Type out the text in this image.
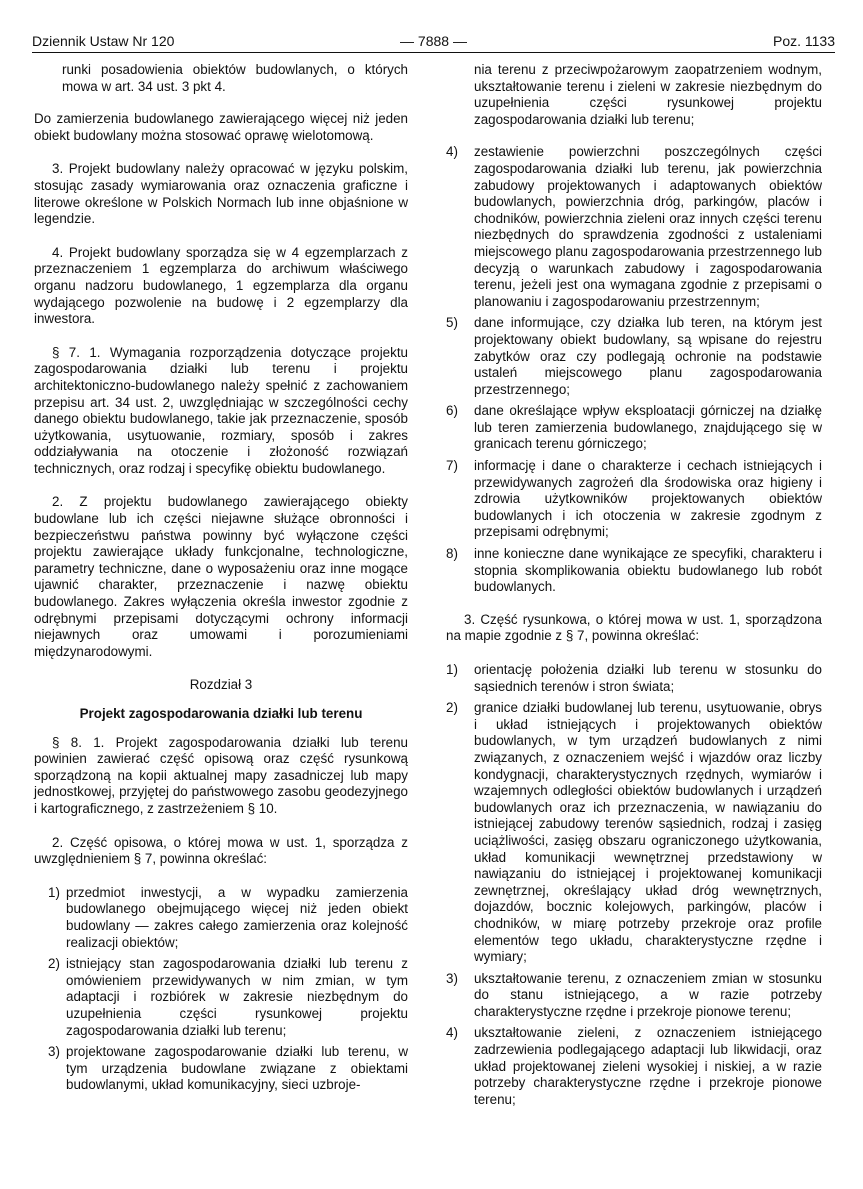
Dziennik Ustaw Nr 120	— 7888 —	Poz. 1133

runki posadowienia obiektów budowlanych, o których mowa w art. 34 ust. 3 pkt 4.

Do zamierzenia budowlanego zawierającego więcej niż jeden obiekt budowlany można stosować oprawę wielotomową.

3. Projekt budowlany należy opracować w języku polskim, stosując zasady wymiarowania oraz oznaczenia graficzne i literowe określone w Polskich Normach lub inne objaśnione w legendzie.

4. Projekt budowlany sporządza się w 4 egzemplarzach z przeznaczeniem 1 egzemplarza do archiwum właściwego organu nadzoru budowlanego, 1 egzemplarza dla organu wydającego pozwolenie na budowę i 2 egzemplarzy dla inwestora.

§ 7. 1. Wymagania rozporządzenia dotyczące projektu zagospodarowania działki lub terenu i projektu architektoniczno-budowlanego należy spełnić z zachowaniem przepisu art. 34 ust. 2, uwzględniając w szczególności cechy danego obiektu budowlanego, takie jak przeznaczenie, sposób użytkowania, usytuowanie, rozmiary, sposób i zakres oddziaływania na otoczenie i złożoność rozwiązań technicznych, oraz rodzaj i specyfikę obiektu budowlanego.

2. Z projektu budowlanego zawierającego obiekty budowlane lub ich części niejawne służące obronności i bezpieczeństwu państwa powinny być wyłączone części projektu zawierające układy funkcjonalne, technologiczne, parametry techniczne, dane o wyposażeniu oraz inne mogące ujawnić charakter, przeznaczenie i nazwę obiektu budowlanego. Zakres wyłączenia określa inwestor zgodnie z odrębnymi przepisami dotyczącymi ochrony informacji niejawnych oraz umowami i porozumieniami międzynarodowymi.

Rozdział 3

Projekt zagospodarowania działki lub terenu

§ 8. 1. Projekt zagospodarowania działki lub terenu powinien zawierać część opisową oraz część rysunkową sporządzoną na kopii aktualnej mapy zasadniczej lub mapy jednostkowej, przyjętej do państwowego zasobu geodezyjnego i kartograficznego, z zastrzeżeniem § 10.

2. Część opisowa, o której mowa w ust. 1, sporządza z uwzględnieniem § 7, powinna określać:

1) przedmiot inwestycji, a w wypadku zamierzenia budowlanego obejmującego więcej niż jeden obiekt budowlany — zakres całego zamierzenia oraz kolejność realizacji obiektów;
2) istniejący stan zagospodarowania działki lub terenu z omówieniem przewidywanych w nim zmian, w tym adaptacji i rozbiórek w zakresie niezbędnym do uzupełnienia części rysunkowej projektu zagospodarowania działki lub terenu;
3) projektowane zagospodarowanie działki lub terenu, w tym urządzenia budowlane związane z obiektami budowlanymi, układ komunikacyjny, sieci uzbroje-

nia terenu z przeciwpożarowym zaopatrzeniem wodnym, ukształtowanie terenu i zieleni w zakresie niezbędnym do uzupełnienia części rysunkowej projektu zagospodarowania działki lub terenu;

4) zestawienie powierzchni poszczególnych części zagospodarowania działki lub terenu, jak powierzchnia zabudowy projektowanych i adaptowanych obiektów budowlanych, powierzchnia dróg, parkingów, placów i chodników, powierzchnia zieleni oraz innych części terenu niezbędnych do sprawdzenia zgodności z ustaleniami miejscowego planu zagospodarowania przestrzennego lub decyzją o warunkach zabudowy i zagospodarowania terenu, jeżeli jest ona wymagana zgodnie z przepisami o planowaniu i zagospodarowaniu przestrzennym;
5) dane informujące, czy działka lub teren, na którym jest projektowany obiekt budowlany, są wpisane do rejestru zabytków oraz czy podlegają ochronie na podstawie ustaleń miejscowego planu zagospodarowania przestrzennego;
6) dane określające wpływ eksploatacji górniczej na działkę lub teren zamierzenia budowlanego, znajdującego się w granicach terenu górniczego;
7) informację i dane o charakterze i cechach istniejących i przewidywanych zagrożeń dla środowiska oraz higieny i zdrowia użytkowników projektowanych obiektów budowlanych i ich otoczenia w zakresie zgodnym z przepisami odrębnymi;
8) inne konieczne dane wynikające ze specyfiki, charakteru i stopnia skomplikowania obiektu budowlanego lub robót budowlanych.

3. Część rysunkowa, o której mowa w ust. 1, sporządzona na mapie zgodnie z § 7, powinna określać:

1) orientację położenia działki lub terenu w stosunku do sąsiednich terenów i stron świata;
2) granice działki budowlanej lub terenu, usytuowanie, obrys i układ istniejących i projektowanych obiektów budowlanych, w tym urządzeń budowlanych z nimi związanych, z oznaczeniem wejść i wjazdów oraz liczby kondygnacji, charakterystycznych rzędnych, wymiarów i wzajemnych odległości obiektów budowlanych i urządzeń budowlanych oraz ich przeznaczenia, w nawiązaniu do istniejącej zabudowy terenów sąsiednich, rodzaj i zasięg uciążliwości, zasięg obszaru ograniczonego użytkowania, układ komunikacji wewnętrznej przedstawiony w nawiązaniu do istniejącej i projektowanej komunikacji zewnętrznej, określający układ dróg wewnętrznych, dojazdów, bocznic kolejowych, parkingów, placów i chodników, w miarę potrzeby przekroje oraz profile elementów tego układu, charakterystyczne rzędne i wymiary;
3) ukształtowanie terenu, z oznaczeniem zmian w stosunku do stanu istniejącego, a w razie potrzeby charakterystyczne rzędne i przekroje pionowe terenu;
4) ukształtowanie zieleni, z oznaczeniem istniejącego zadrzewienia podlegającego adaptacji lub likwidacji, oraz układ projektowanej zieleni wysokiej i niskiej, a w razie potrzeby charakterystyczne rzędne i przekroje pionowe terenu;
